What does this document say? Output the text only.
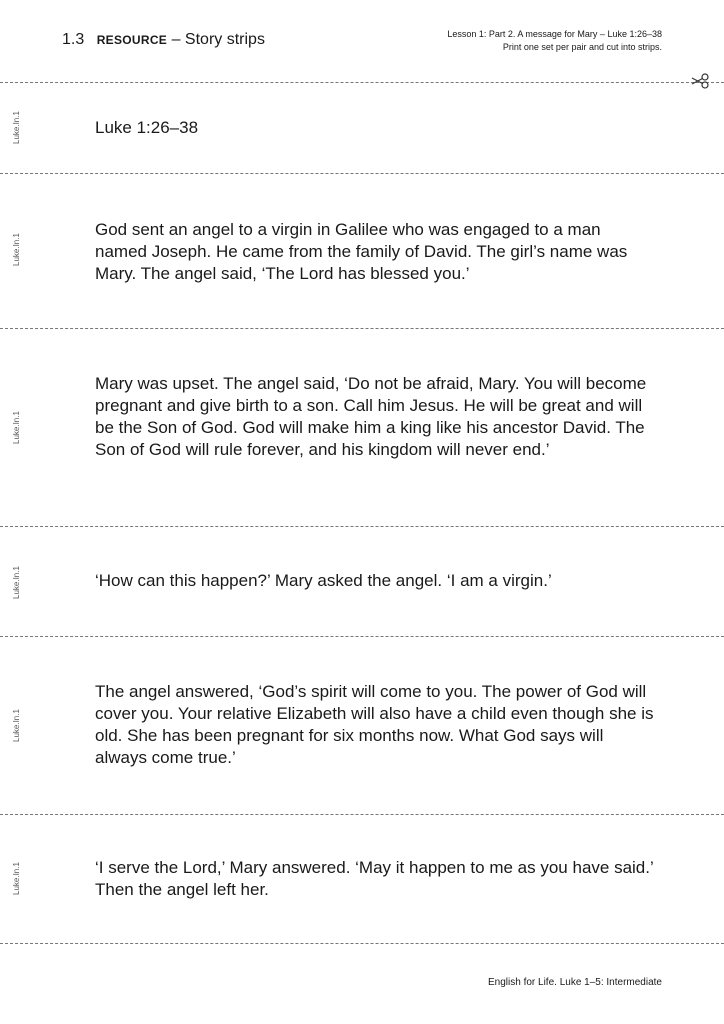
1.3 RESOURCE – Story strips	Lesson 1: Part 2. A message for Mary – Luke 1:26–38
Print one set per pair and cut into strips.
Luke.In.1	Luke 1:26–38
Luke.In.1
God sent an angel to a virgin in Galilee who was engaged to a man named Joseph. He came from the family of David. The girl’s name was Mary. The angel said, ‘The Lord has blessed you.’
Luke.In.1
Mary was upset. The angel said, ‘Do not be afraid, Mary. You will become pregnant and give birth to a son. Call him Jesus. He will be great and will be the Son of God. God will make him a king like his ancestor David. The Son of God will rule forever, and his kingdom will never end.’
Luke.In.1	‘How can this happen?’ Mary asked the angel. ‘I am a virgin.’
Luke.In.1
The angel answered, ‘God’s spirit will come to you. The power of God will cover you. Your relative Elizabeth will also have a child even though she is old. She has been pregnant for six months now. What God says will always come true.’
Luke.In.1	‘I serve the Lord,’ Mary answered. ‘May it happen to me as you have said.’ Then the angel left her.
English for Life. Luke 1–5: Intermediate
